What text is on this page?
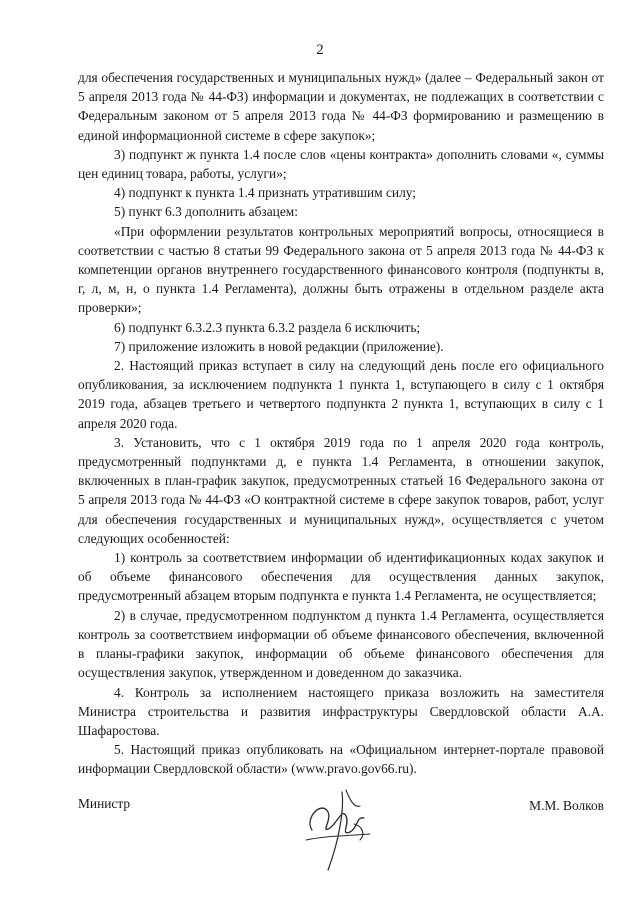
2

для обеспечения государственных и муниципальных нужд» (далее – Федеральный закон от 5 апреля 2013 года № 44-ФЗ) информации и документах, не подлежащих в соответствии с Федеральным законом от 5 апреля 2013 года № 44-ФЗ формированию и размещению в единой информационной системе в сфере закупок»;

3) подпункт ж пункта 1.4 после слов «цены контракта» дополнить словами «, суммы цен единиц товара, работы, услуги»;

4) подпункт к пункта 1.4 признать утратившим силу;

5) пункт 6.3 дополнить абзацем:

«При оформлении результатов контрольных мероприятий вопросы, относящиеся в соответствии с частью 8 статьи 99 Федерального закона от 5 апреля 2013 года № 44-ФЗ к компетенции органов внутреннего государственного финансового контроля (подпункты в, г, л, м, н, о пункта 1.4 Регламента), должны быть отражены в отдельном разделе акта проверки»;

6) подпункт 6.3.2.3 пункта 6.3.2 раздела 6 исключить;

7) приложение изложить в новой редакции (приложение).

2. Настоящий приказ вступает в силу на следующий день после его официального опубликования, за исключением подпункта 1 пункта 1, вступающего в силу с 1 октября 2019 года, абзацев третьего и четвертого подпункта 2 пункта 1, вступающих в силу с 1 апреля 2020 года.

3. Установить, что с 1 октября 2019 года по 1 апреля 2020 года контроль, предусмотренный подпунктами д, е пункта 1.4 Регламента, в отношении закупок, включенных в план-график закупок, предусмотренных статьей 16 Федерального закона от 5 апреля 2013 года № 44-ФЗ «О контрактной системе в сфере закупок товаров, работ, услуг для обеспечения государственных и муниципальных нужд», осуществляется с учетом следующих особенностей:

1) контроль за соответствием информации об идентификационных кодах закупок и об объеме финансового обеспечения для осуществления данных закупок, предусмотренный абзацем вторым подпункта е пункта 1.4 Регламента, не осуществляется;

2) в случае, предусмотренном подпунктом д пункта 1.4 Регламента, осуществляется контроль за соответствием информации об объеме финансового обеспечения, включенной в планы-графики закупок, информации об объеме финансового обеспечения для осуществления закупок, утвержденном и доведенном до заказчика.

4. Контроль за исполнением настоящего приказа возложить на заместителя Министра строительства и развития инфраструктуры Свердловской области А.А. Шафаростова.

5. Настоящий приказ опубликовать на «Официальном интернет-портале правовой информации Свердловской области» (www.pravo.gov66.ru).

Министр	М.М. Волков
